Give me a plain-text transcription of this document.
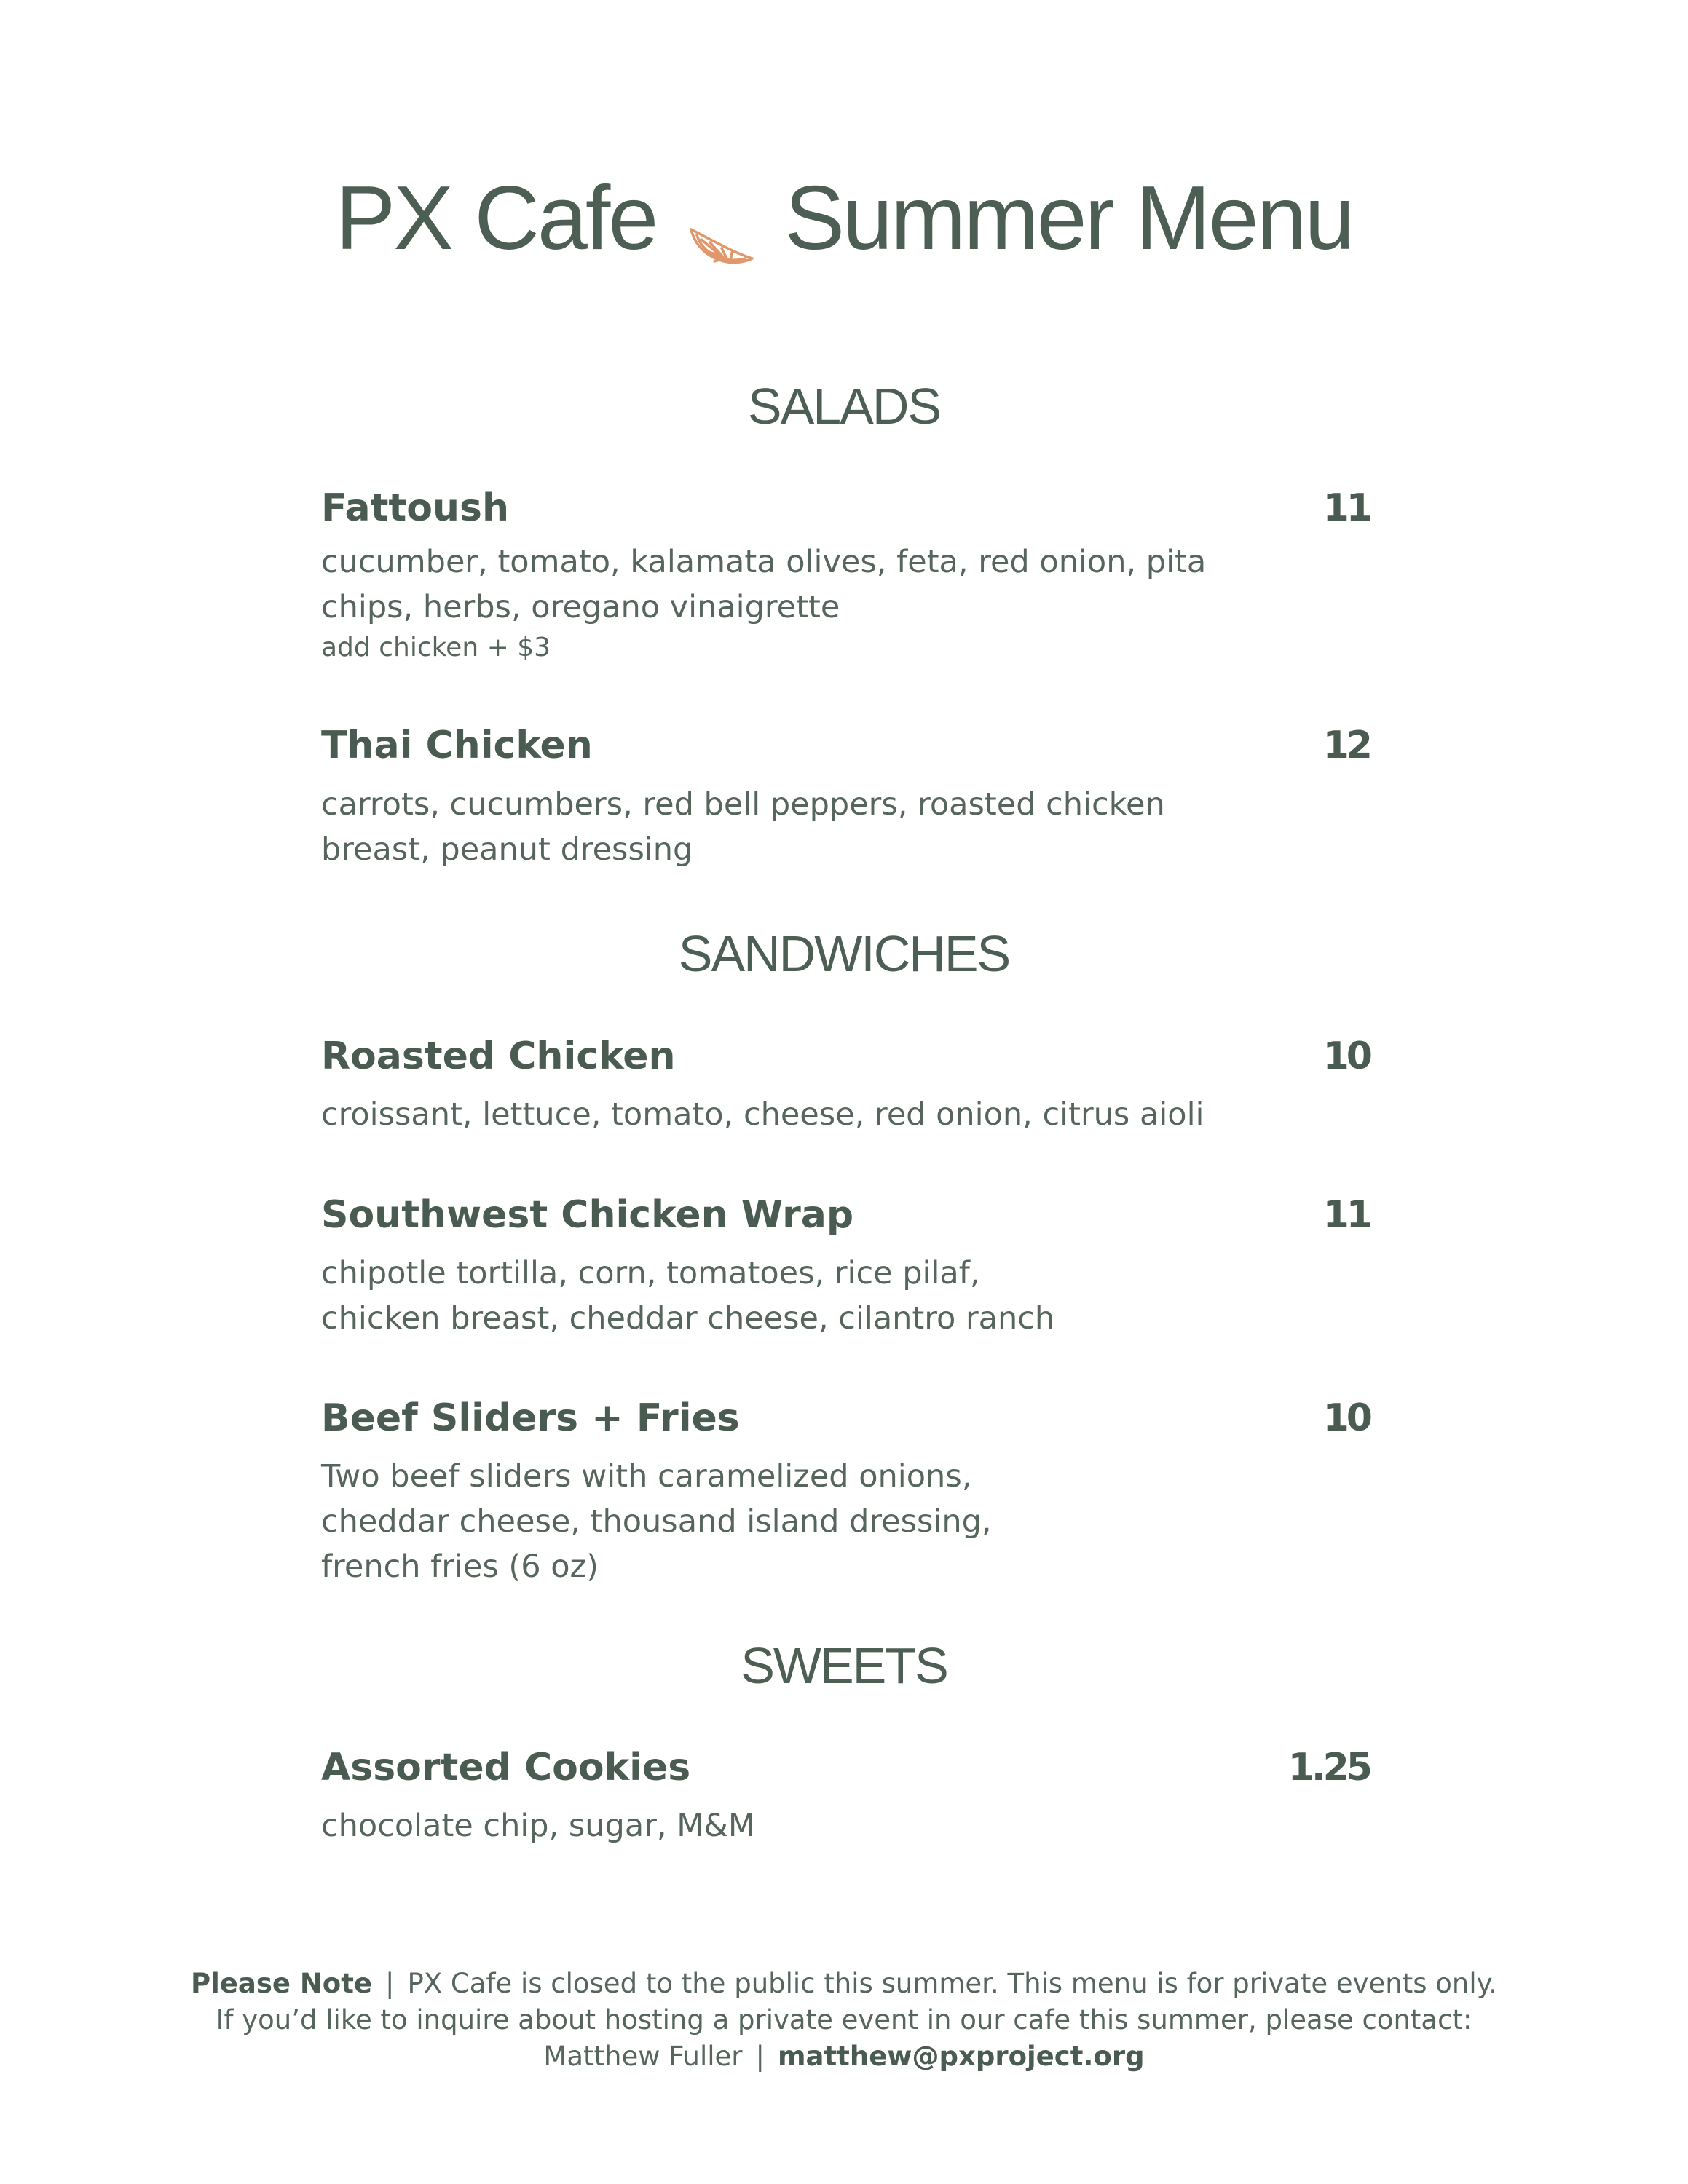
PX Cafe Summer Menu
SALADS
Fattoush	11
cucumber, tomato, kalamata olives, feta, red onion, pita
chips, herbs, oregano vinaigrette
add chicken + $3
Thai Chicken	12
carrots, cucumbers, red bell peppers, roasted chicken
breast, peanut dressing
SANDWICHES
Roasted Chicken	10
croissant, lettuce, tomato, cheese, red onion, citrus aioli
Southwest Chicken Wrap	11
chipotle tortilla, corn, tomatoes, rice pilaf,
chicken breast, cheddar cheese, cilantro ranch
Beef Sliders + Fries	10
Two beef sliders with caramelized onions,
cheddar cheese, thousand island dressing,
french fries (6 oz)
SWEETS
Assorted Cookies	1.25
chocolate chip, sugar, M&M
Please Note | PX Cafe is closed to the public this summer. This menu is for private events only.
If you’d like to inquire about hosting a private event in our cafe this summer, please contact:
Matthew Fuller | matthew@pxproject.org
